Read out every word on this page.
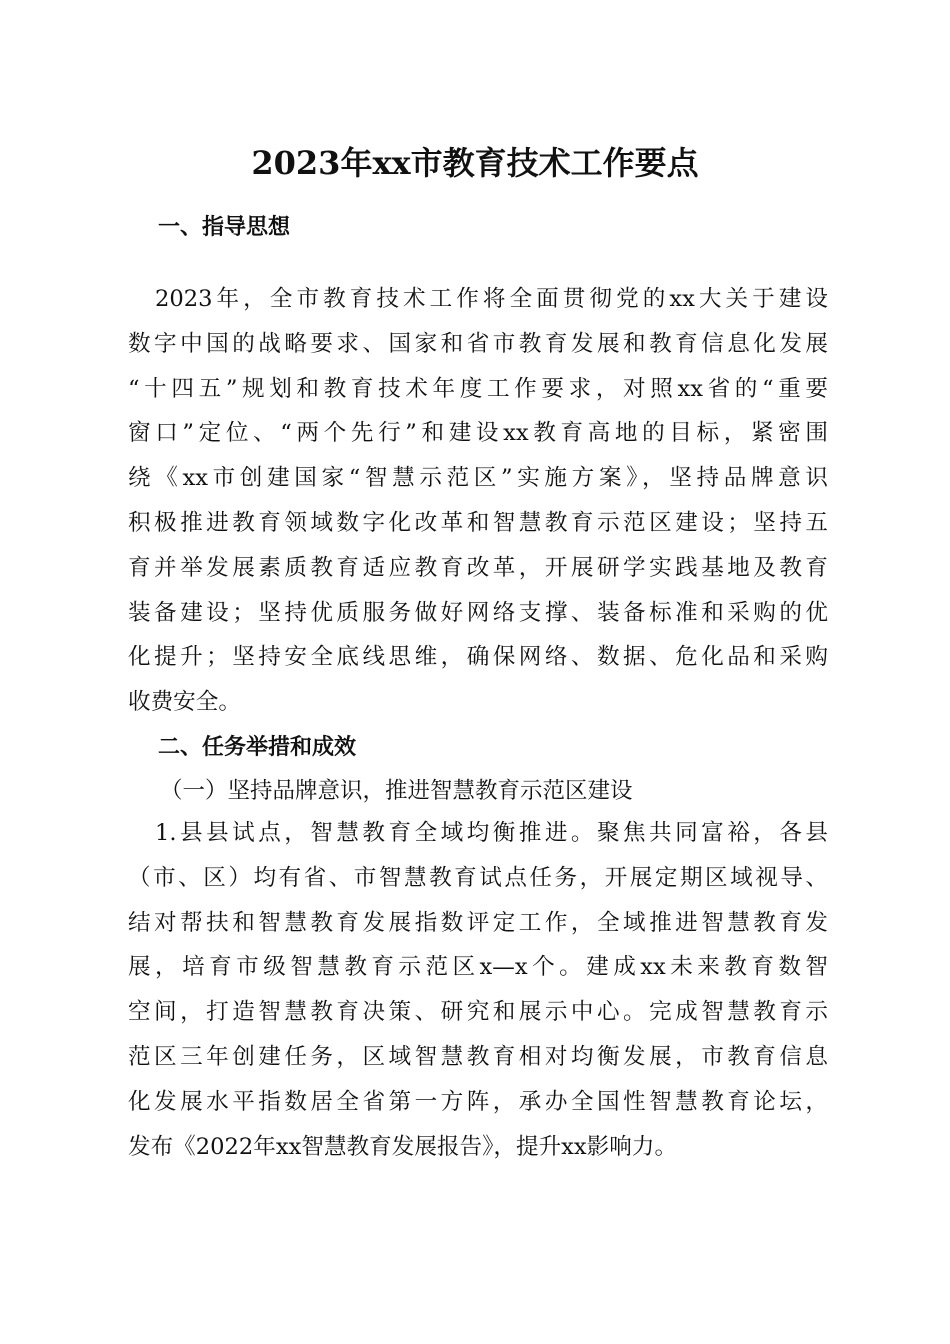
2023年xx市教育技术工作要点
一、指导思想
2023年，全市教育技术工作将全面贯彻党的xx大关于建设
数字中国的战略要求、国家和省市教育发展和教育信息化发展
“十四五”规划和教育技术年度工作要求，对照xx省的“重要
窗口”定位、“两个先行”和建设xx教育高地的目标，紧密围
绕《xx市创建国家“智慧示范区”实施方案》，坚持品牌意识
积极推进教育领域数字化改革和智慧教育示范区建设；坚持五
育并举发展素质教育适应教育改革，开展研学实践基地及教育
装备建设；坚持优质服务做好网络支撑、装备标准和采购的优
化提升；坚持安全底线思维，确保网络、数据、危化品和采购
收费安全。
二、任务举措和成效
（一）坚持品牌意识，推进智慧教育示范区建设
1.县县试点，智慧教育全域均衡推进。聚焦共同富裕，各县
（市、区）均有省、市智慧教育试点任务，开展定期区域视导、
结对帮扶和智慧教育发展指数评定工作，全域推进智慧教育发
展，培育市级智慧教育示范区x—x个。建成xx未来教育数智
空间，打造智慧教育决策、研究和展示中心。完成智慧教育示
范区三年创建任务，区域智慧教育相对均衡发展，市教育信息
化发展水平指数居全省第一方阵，承办全国性智慧教育论坛，
发布《2022年xx智慧教育发展报告》，提升xx影响力。
